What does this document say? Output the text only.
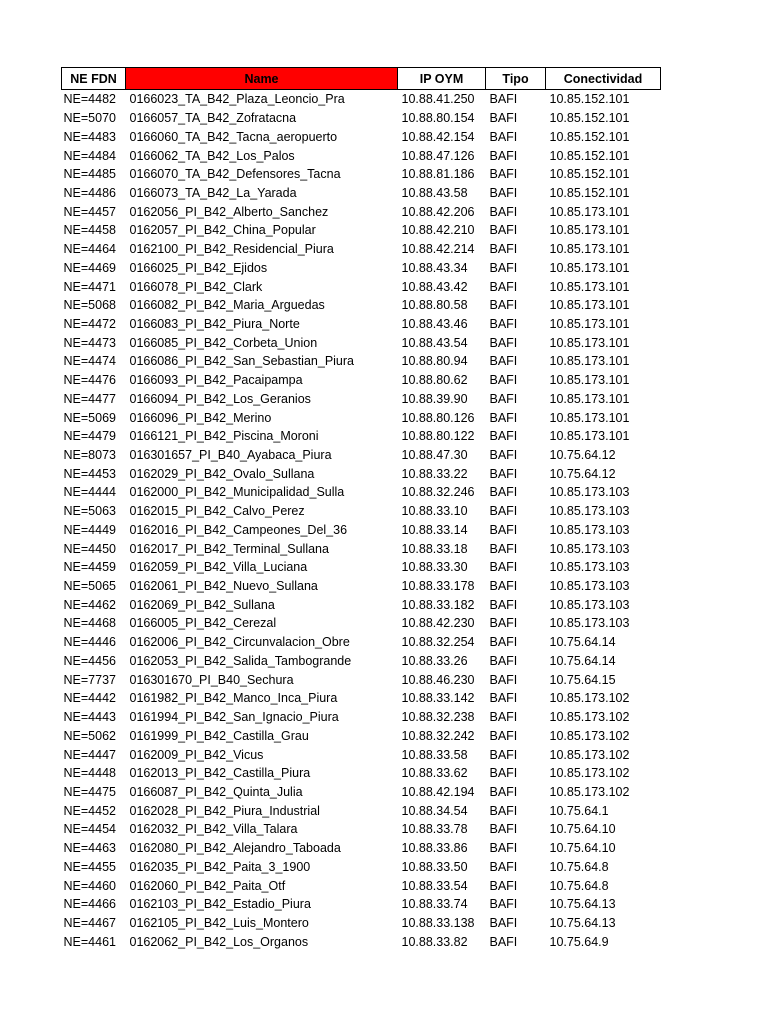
NE FDN	Name	IP OYM	Tipo	Conectividad
NE=4482	0166023_TA_B42_Plaza_Leoncio_Pra	10.88.41.250	BAFI	10.85.152.101
NE=5070	0166057_TA_B42_Zofratacna	10.88.80.154	BAFI	10.85.152.101
NE=4483	0166060_TA_B42_Tacna_aeropuerto	10.88.42.154	BAFI	10.85.152.101
NE=4484	0166062_TA_B42_Los_Palos	10.88.47.126	BAFI	10.85.152.101
NE=4485	0166070_TA_B42_Defensores_Tacna	10.88.81.186	BAFI	10.85.152.101
NE=4486	0166073_TA_B42_La_Yarada	10.88.43.58	BAFI	10.85.152.101
NE=4457	0162056_PI_B42_Alberto_Sanchez	10.88.42.206	BAFI	10.85.173.101
NE=4458	0162057_PI_B42_China_Popular	10.88.42.210	BAFI	10.85.173.101
NE=4464	0162100_PI_B42_Residencial_Piura	10.88.42.214	BAFI	10.85.173.101
NE=4469	0166025_PI_B42_Ejidos	10.88.43.34	BAFI	10.85.173.101
NE=4471	0166078_PI_B42_Clark	10.88.43.42	BAFI	10.85.173.101
NE=5068	0166082_PI_B42_Maria_Arguedas	10.88.80.58	BAFI	10.85.173.101
NE=4472	0166083_PI_B42_Piura_Norte	10.88.43.46	BAFI	10.85.173.101
NE=4473	0166085_PI_B42_Corbeta_Union	10.88.43.54	BAFI	10.85.173.101
NE=4474	0166086_PI_B42_San_Sebastian_Piura	10.88.80.94	BAFI	10.85.173.101
NE=4476	0166093_PI_B42_Pacaipampa	10.88.80.62	BAFI	10.85.173.101
NE=4477	0166094_PI_B42_Los_Geranios	10.88.39.90	BAFI	10.85.173.101
NE=5069	0166096_PI_B42_Merino	10.88.80.126	BAFI	10.85.173.101
NE=4479	0166121_PI_B42_Piscina_Moroni	10.88.80.122	BAFI	10.85.173.101
NE=8073	016301657_PI_B40_Ayabaca_Piura	10.88.47.30	BAFI	10.75.64.12
NE=4453	0162029_PI_B42_Ovalo_Sullana	10.88.33.22	BAFI	10.75.64.12
NE=4444	0162000_PI_B42_Municipalidad_Sulla	10.88.32.246	BAFI	10.85.173.103
NE=5063	0162015_PI_B42_Calvo_Perez	10.88.33.10	BAFI	10.85.173.103
NE=4449	0162016_PI_B42_Campeones_Del_36	10.88.33.14	BAFI	10.85.173.103
NE=4450	0162017_PI_B42_Terminal_Sullana	10.88.33.18	BAFI	10.85.173.103
NE=4459	0162059_PI_B42_Villa_Luciana	10.88.33.30	BAFI	10.85.173.103
NE=5065	0162061_PI_B42_Nuevo_Sullana	10.88.33.178	BAFI	10.85.173.103
NE=4462	0162069_PI_B42_Sullana	10.88.33.182	BAFI	10.85.173.103
NE=4468	0166005_PI_B42_Cerezal	10.88.42.230	BAFI	10.85.173.103
NE=4446	0162006_PI_B42_Circunvalacion_Obre	10.88.32.254	BAFI	10.75.64.14
NE=4456	0162053_PI_B42_Salida_Tambogrande	10.88.33.26	BAFI	10.75.64.14
NE=7737	016301670_PI_B40_Sechura	10.88.46.230	BAFI	10.75.64.15
NE=4442	0161982_PI_B42_Manco_Inca_Piura	10.88.33.142	BAFI	10.85.173.102
NE=4443	0161994_PI_B42_San_Ignacio_Piura	10.88.32.238	BAFI	10.85.173.102
NE=5062	0161999_PI_B42_Castilla_Grau	10.88.32.242	BAFI	10.85.173.102
NE=4447	0162009_PI_B42_Vicus	10.88.33.58	BAFI	10.85.173.102
NE=4448	0162013_PI_B42_Castilla_Piura	10.88.33.62	BAFI	10.85.173.102
NE=4475	0166087_PI_B42_Quinta_Julia	10.88.42.194	BAFI	10.85.173.102
NE=4452	0162028_PI_B42_Piura_Industrial	10.88.34.54	BAFI	10.75.64.1
NE=4454	0162032_PI_B42_Villa_Talara	10.88.33.78	BAFI	10.75.64.10
NE=4463	0162080_PI_B42_Alejandro_Taboada	10.88.33.86	BAFI	10.75.64.10
NE=4455	0162035_PI_B42_Paita_3_1900	10.88.33.50	BAFI	10.75.64.8
NE=4460	0162060_PI_B42_Paita_Otf	10.88.33.54	BAFI	10.75.64.8
NE=4466	0162103_PI_B42_Estadio_Piura	10.88.33.74	BAFI	10.75.64.13
NE=4467	0162105_PI_B42_Luis_Montero	10.88.33.138	BAFI	10.75.64.13
NE=4461	0162062_PI_B42_Los_Organos	10.88.33.82	BAFI	10.75.64.9
